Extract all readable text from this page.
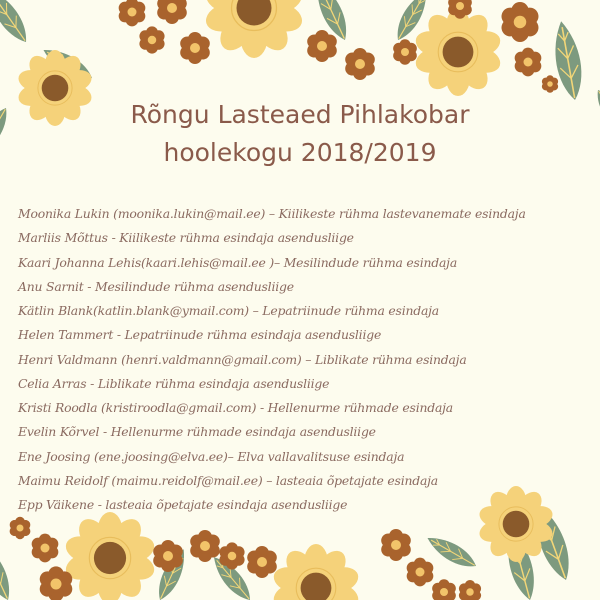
Rõngu Lasteaed Pihlakobar
hoolekogu 2018/2019
Moonika Lukin (moonika.lukin@mail.ee) – Kiilikeste rühma lastevanemate esindaja
Marliis Mõttus - Kiilikeste rühma esindaja asendusliige
Kaari Johanna Lehis(kaari.lehis@mail.ee )– Mesilindude rühma esindaja
Anu Sarnit - Mesilindude rühma asendusliige
Kätlin Blank(katlin.blank@ymail.com) – Lepatriinude rühma esindaja
Helen Tammert - Lepatriinude rühma esindaja asendusliige
Henri Valdmann (henri.valdmann@gmail.com) – Liblikate rühma esindaja
Celia Arras - Liblikate rühma esindaja asendusliige
Kristi Roodla (kristiroodla@gmail.com) - Hellenurme rühmade esindaja
Evelin Kõrvel - Hellenurme rühmade esindaja asendusliige
Ene Joosing (ene.joosing@elva.ee)– Elva vallavalitsuse esindaja
Maimu Reidolf (maimu.reidolf@mail.ee) – lasteaia õpetajate esindaja
Epp Väikene - lasteaia õpetajate esindaja asendusliige
